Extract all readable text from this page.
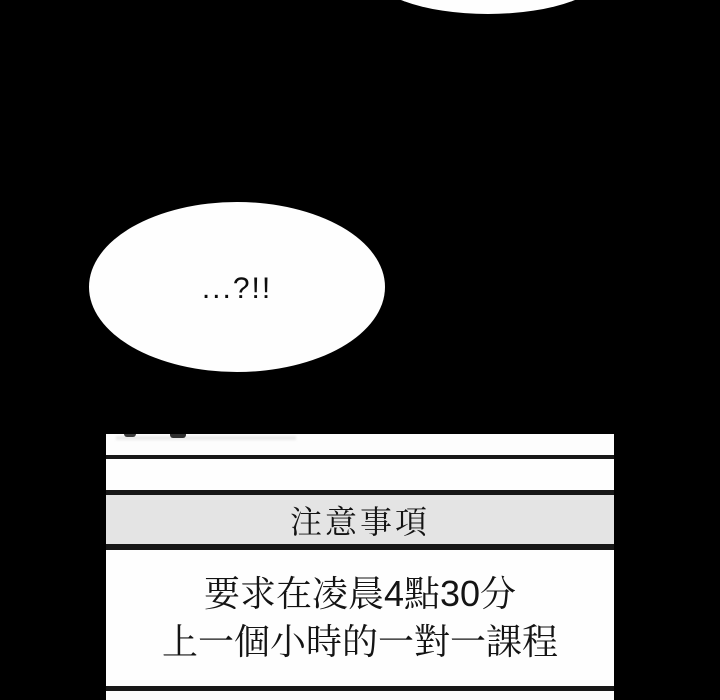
...?!!
注意事項
要求在凌晨4點30分
上一個小時的一對一課程
